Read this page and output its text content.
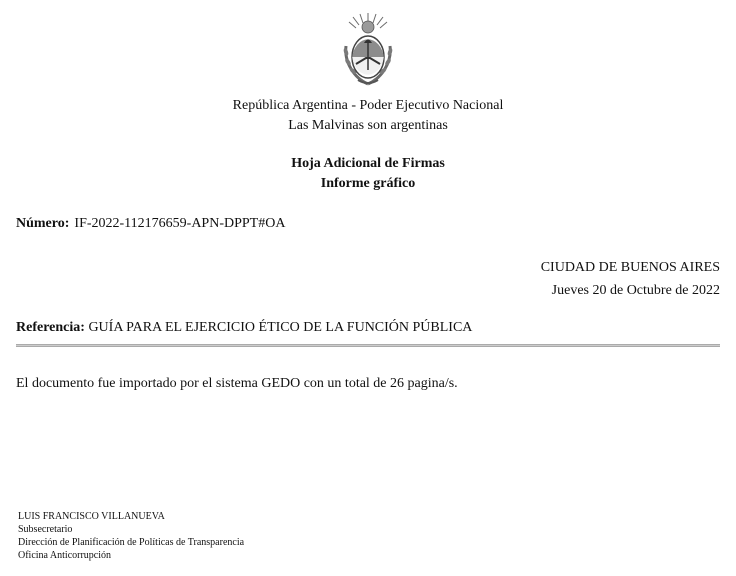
República Argentina - Poder Ejecutivo Nacional
Las Malvinas son argentinas
Hoja Adicional de Firmas
Informe gráfico
Número: IF-2022-112176659-APN-DPPT#OA
CIUDAD DE BUENOS AIRES
Jueves 20 de Octubre de 2022
Referencia: GUÍA PARA EL EJERCICIO ÉTICO DE LA FUNCIÓN PÚBLICA
El documento fue importado por el sistema GEDO con un total de 26 pagina/s.
LUIS FRANCISCO VILLANUEVA
Subsecretario
Dirección de Planificación de Políticas de Transparencia
Oficina Anticorrupción
